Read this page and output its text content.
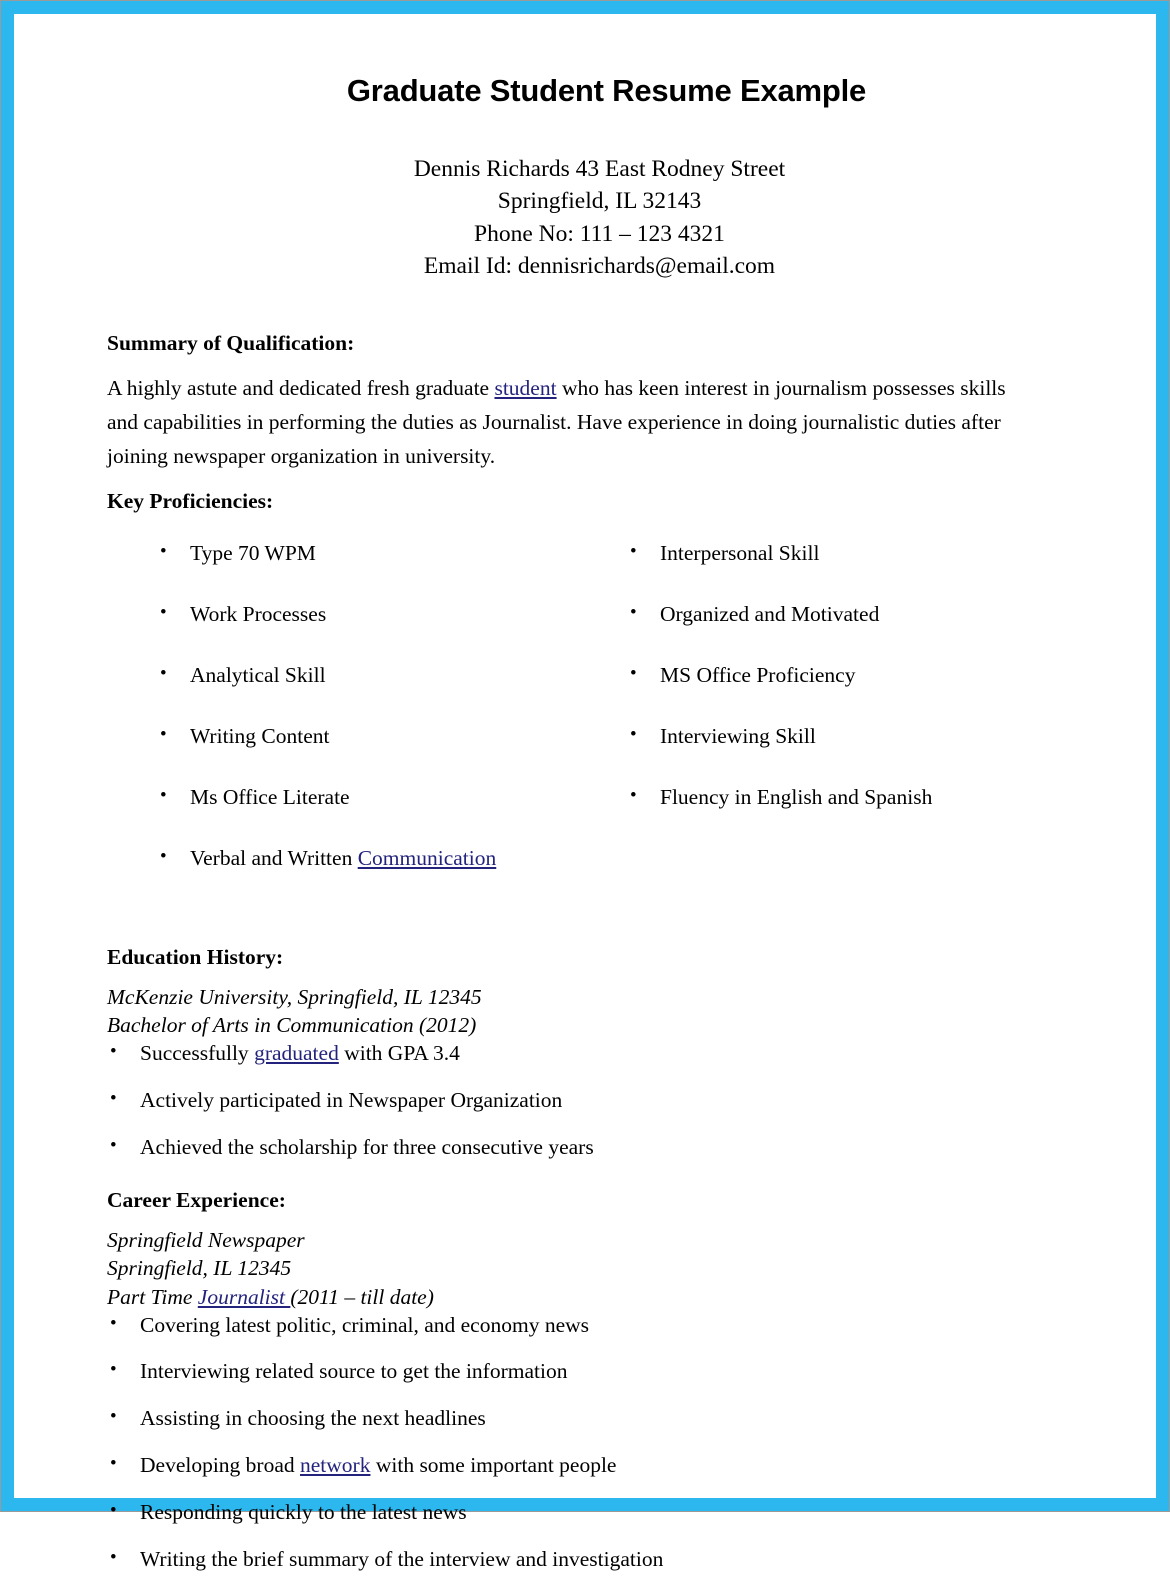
Graduate Student Resume Example
Dennis Richards 43 East Rodney Street
Springfield, IL 32143
Phone No: 111 – 123 4321
Email Id: dennisrichards@email.com
Summary of Qualification:

A highly astute and dedicated fresh graduate student who has keen interest in journalism possesses skills and capabilities in performing the duties as Journalist. Have experience in doing journalistic duties after joining newspaper organization in university.

Key Proficiencies:
• Type 70 WPM
• Work Processes
• Analytical Skill
• Writing Content
• Ms Office Literate
• Verbal and Written Communication
• Interpersonal Skill
• Organized and Motivated
• MS Office Proficiency
• Interviewing Skill
• Fluency in English and Spanish
Education History:
McKenzie University, Springfield, IL 12345
Bachelor of Arts in Communication (2012)
• Successfully graduated with GPA 3.4
• Actively participated in Newspaper Organization
• Achieved the scholarship for three consecutive years
Career Experience:
Springfield Newspaper
Springfield, IL 12345
Part Time Journalist (2011 – till date)
• Covering latest politic, criminal, and economy news
• Interviewing related source to get the information
• Assisting in choosing the next headlines
• Developing broad network with some important people
• Responding quickly to the latest news
• Writing the brief summary of the interview and investigation
